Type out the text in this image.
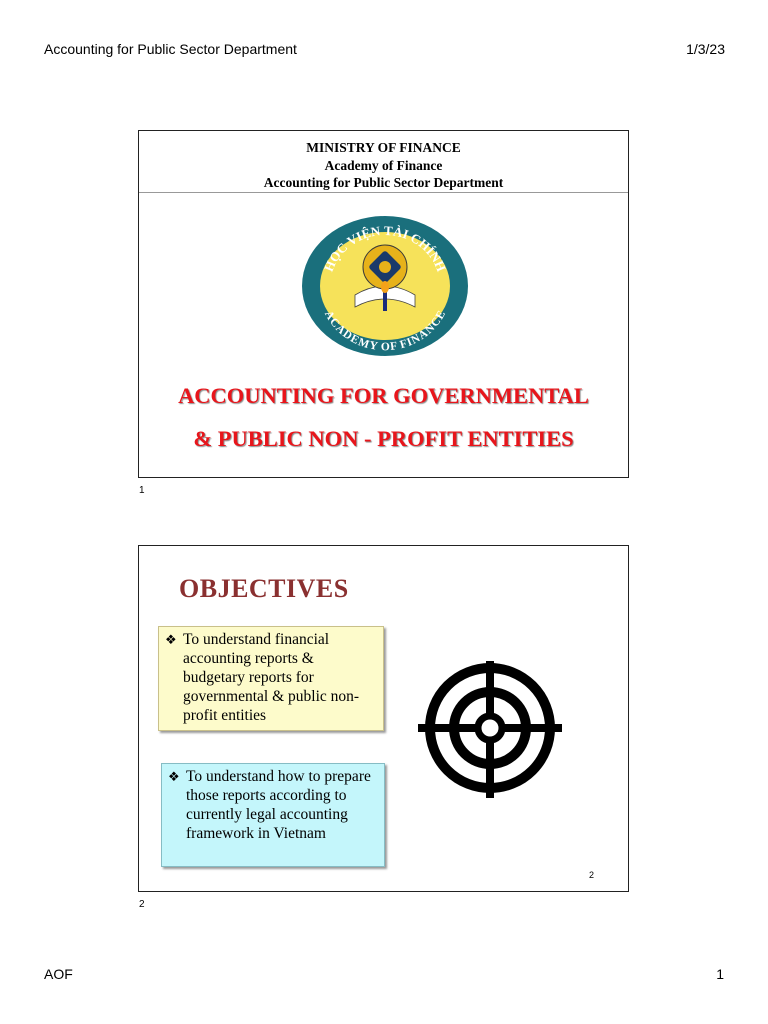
Accounting for Public Sector Department	1/3/23
MINISTRY OF FINANCE
Academy of Finance
Accounting for Public Sector Department
HỌC VIỆN TÀI CHÍNH
ACADEMY OF FINANCE
ACCOUNTING FOR GOVERNMENTAL
& PUBLIC NON - PROFIT ENTITIES
1
OBJECTIVES
❖ To understand financial accounting reports & budgetary reports for governmental & public non-profit entities
❖ To understand how to prepare those reports according to currently legal accounting framework in Vietnam
2
2
AOF	1
